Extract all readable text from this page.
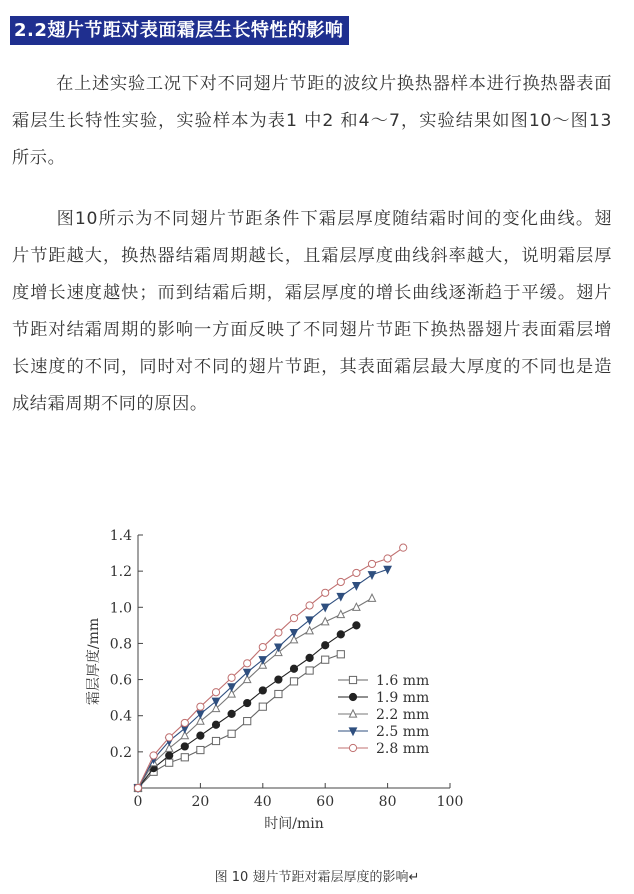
2.2翅片节距对表面霜层生长特性的影响

在上述实验工况下对不同翅片节距的波纹片换热器样本进行换热器表面霜层生长特性实验，实验样本为表1 中2 和4～7，实验结果如图10～图13所示。

图10所示为不同翅片节距条件下霜层厚度随结霜时间的变化曲线。翅片节距越大，换热器结霜周期越长，且霜层厚度曲线斜率越大，说明霜层厚度增长速度越快；而到结霜后期，霜层厚度的增长曲线逐渐趋于平缓。翅片节距对结霜周期的影响一方面反映了不同翅片节距下换热器翅片表面霜层增长速度的不同，同时对不同的翅片节距，其表面霜层最大厚度的不同也是造成结霜周期不同的原因。

0	20	40	60	80	100
0.2
0.4
0.6
0.8
1.0
1.2
1.4
时间/min
霜层厚度/mm	1.6 mm
1.9 mm
2.2 mm
2.5 mm
2.8 mm
图 10 翅片节距对霜层厚度的影响↵
